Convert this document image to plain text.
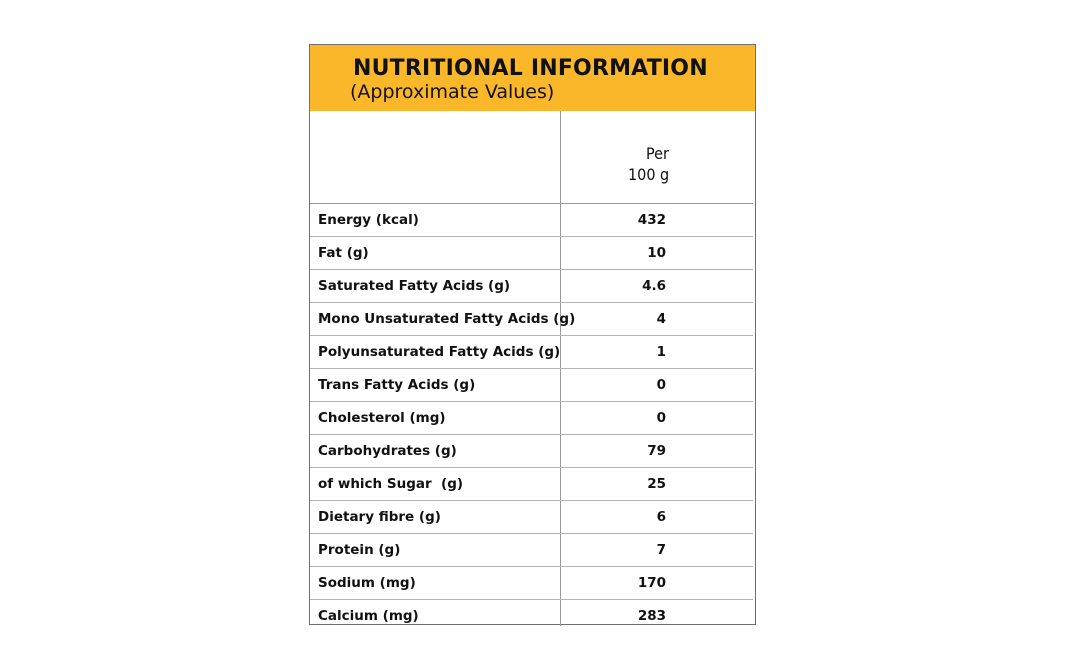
NUTRITIONAL INFORMATION
(Approximate Values)
Per
100 g
Energy (kcal)	432
Fat (g)	10
Saturated Fatty Acids (g)	4.6
Mono Unsaturated Fatty Acids (g)	4
Polyunsaturated Fatty Acids (g)	1
Trans Fatty Acids (g)	0
Cholesterol (mg)	0
Carbohydrates (g)	79
of which Sugar  (g)	25
Dietary fibre (g)	6
Protein (g)	7
Sodium (mg)	170
Calcium (mg)	283
